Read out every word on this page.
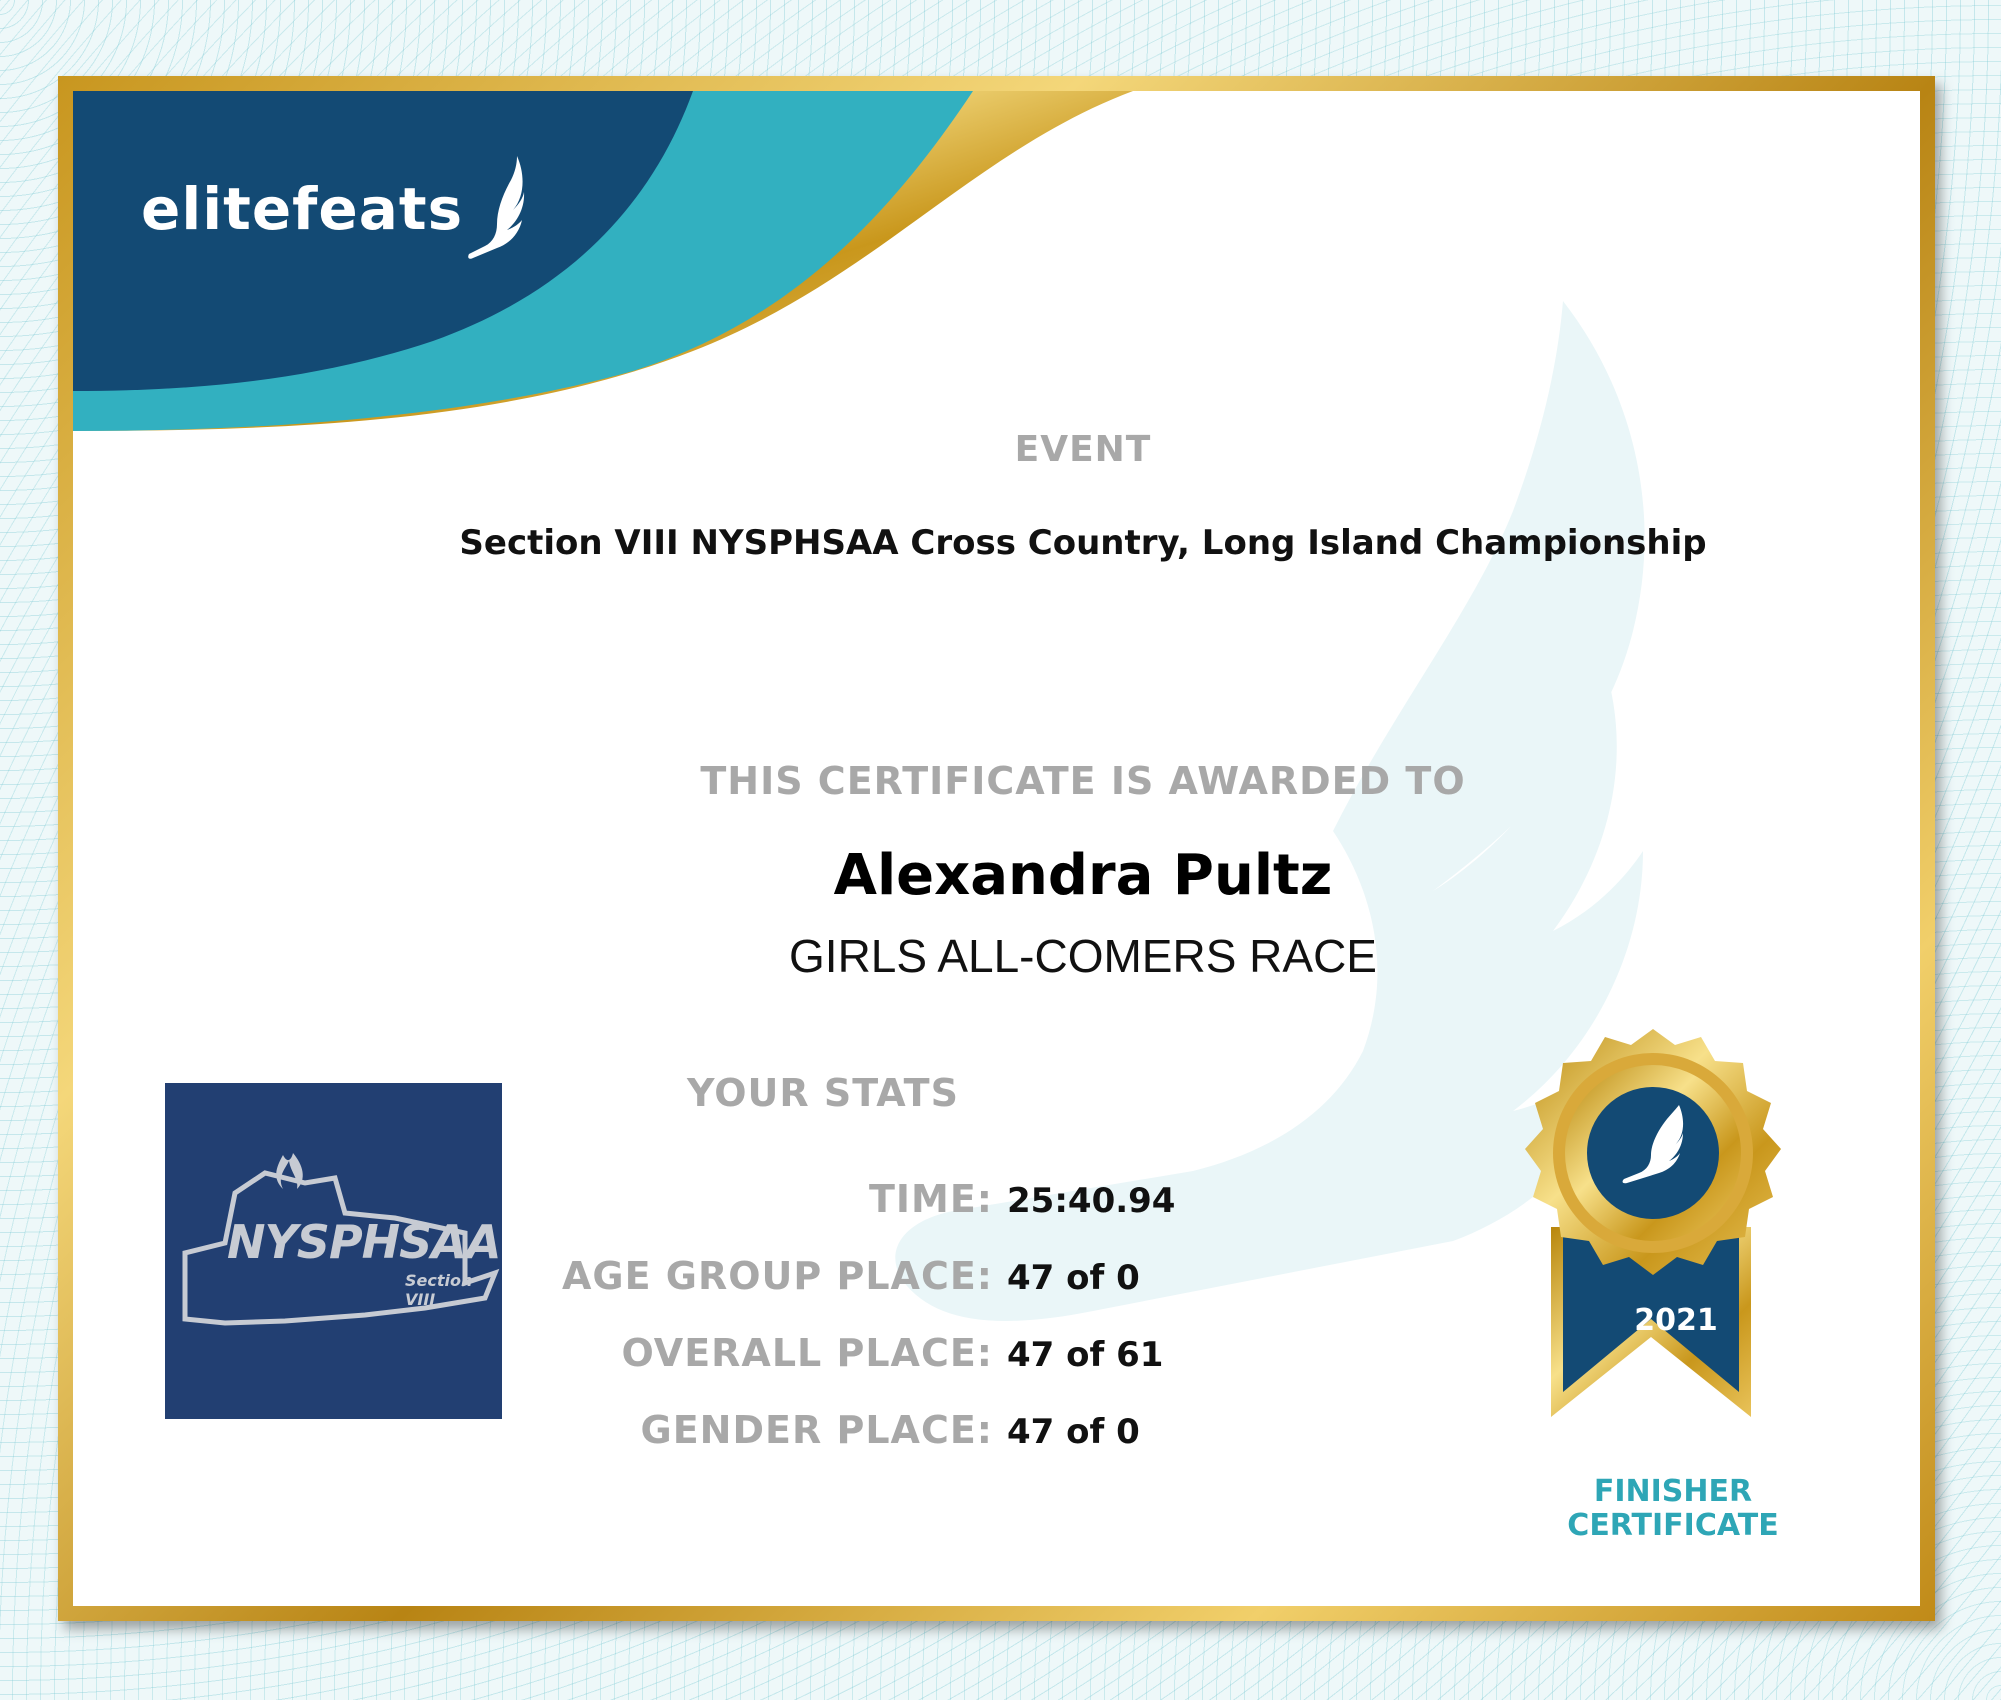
elitefeats
EVENT
Section VIII NYSPHSAA Cross Country, Long Island Championship
THIS CERTIFICATE IS AWARDED TO
Alexandra Pultz
GIRLS ALL-COMERS RACE
YOUR STATS
TIME: 25:40.94
AGE GROUP PLACE: 47 of 0
OVERALL PLACE: 47 of 61
GENDER PLACE: 47 of 0
NYSPHSAA
Section VIII
2021
FINISHER
CERTIFICATE
